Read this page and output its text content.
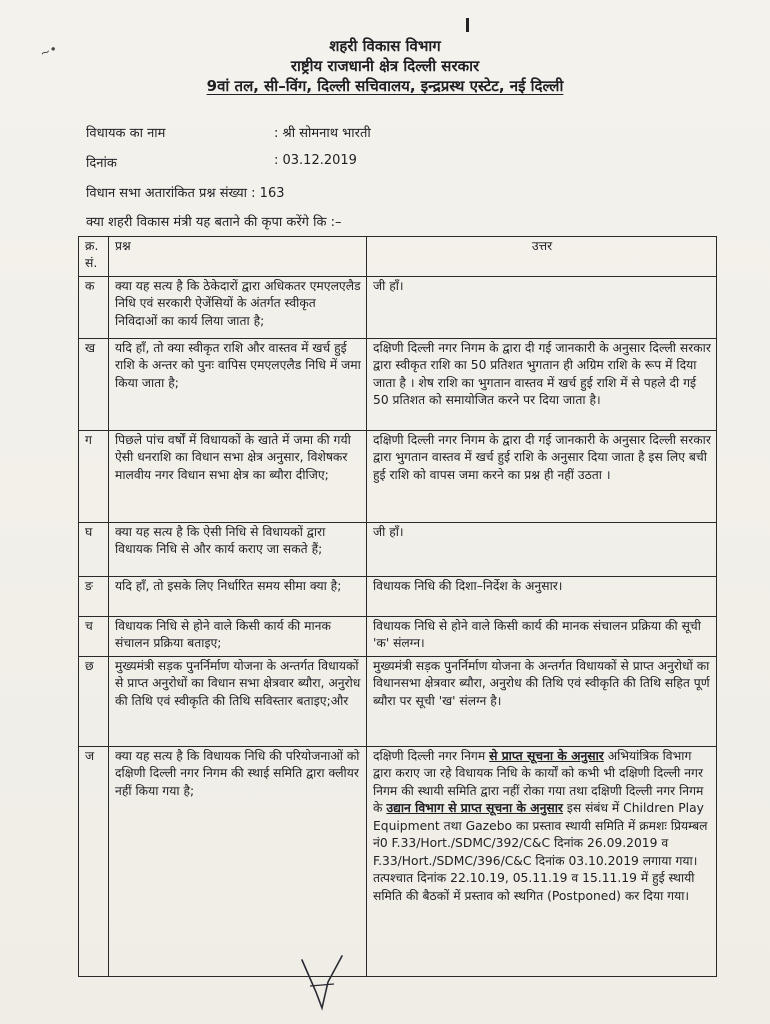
~•	शहरी विकास विभाग
राष्ट्रीय राजधानी क्षेत्र दिल्ली सरकार
9वां तल, सी–विंग, दिल्ली सचिवालय, इन्द्रप्रस्थ एस्टेट, नई दिल्ली
विधायक का नाम	: श्री सोमनाथ भारती
दिनांक	: 03.12.2019
विधान सभा अतारांकित प्रश्न संख्या : 163
क्या शहरी विकास मंत्री यह बताने की कृपा करेंगे कि :–
क्र. सं.	प्रश्न	उत्तर
क	क्या यह सत्य है कि ठेकेदारों द्वारा अधिकतर एमएलएलैड निधि एवं सरकारी ऐजेंसियों के अंतर्गत स्वीकृत निविदाओं का कार्य लिया जाता है;	जी हाँ।
ख	यदि हाँ, तो क्या स्वीकृत राशि और वास्तव में खर्च हुई राशि के अन्तर को पुनः वापिस एमएलएलैड निधि में जमा किया जाता है;	दक्षिणी दिल्ली नगर निगम के द्वारा दी गई जानकारी के अनुसार दिल्ली सरकार द्वारा स्वीकृत राशि का 50 प्रतिशत भुगतान ही अग्रिम राशि के रूप में दिया जाता है । शेष राशि का भुगतान वास्तव में खर्च हुई राशि में से पहले दी गई 50 प्रतिशत को समायोजित करने पर दिया जाता है।
ग	पिछले पांच वर्षों में विधायकों के खाते में जमा की गयी ऐसी धनराशि का विधान सभा क्षेत्र अनुसार, विशेषकर मालवीय नगर विधान सभा क्षेत्र का ब्यौरा दीजिए;	दक्षिणी दिल्ली नगर निगम के द्वारा दी गई जानकारी के अनुसार दिल्ली सरकार द्वारा भुगतान वास्तव में खर्च हुई राशि के अनुसार दिया जाता है इस लिए बची हुई राशि को वापस जमा करने का प्रश्न ही नहीं उठता ।
घ	क्या यह सत्य है कि ऐसी निधि से विधायकों द्वारा विधायक निधि से और कार्य कराए जा सकते हैं;	जी हाँ।
ङ	यदि हाँ, तो इसके लिए निर्धारित समय सीमा क्या है;	विधायक निधि की दिशा–निर्देश के अनुसार।
च	विधायक निधि से होने वाले किसी कार्य की मानक संचालन प्रक्रिया बताइए;	विधायक निधि से होने वाले किसी कार्य की मानक संचालन प्रक्रिया की सूची 'क' संलग्न।
छ	मुख्यमंत्री सड़क पुनर्निर्माण योजना के अन्तर्गत विधायकों से प्राप्त अनुरोधों का विधान सभा क्षेत्रवार ब्यौरा, अनुरोध की तिथि एवं स्वीकृति की तिथि सविस्तार बताइए;और	मुख्यमंत्री सड़क पुनर्निर्माण योजना के अन्तर्गत विधायकों से प्राप्त अनुरोधों का विधानसभा क्षेत्रवार ब्यौरा, अनुरोध की तिथि एवं स्वीकृति की तिथि सहित पूर्ण ब्यौरा पर सूची 'ख' संलग्न है।
ज	क्या यह सत्य है कि विधायक निधि की परियोजनाओं को दक्षिणी दिल्ली नगर निगम की स्थाई समिति द्वारा क्लीयर नहीं किया गया है;	दक्षिणी दिल्ली नगर निगम से प्राप्त सूचना के अनुसार अभियांत्रिक विभाग द्वारा कराए जा रहे विधायक निधि के कार्यों को कभी भी दक्षिणी दिल्ली नगर निगम की स्थायी समिति द्वारा नहीं रोका गया तथा दक्षिणी दिल्ली नगर निगम के उद्यान विभाग से प्राप्त सूचना के अनुसार इस संबंध में Children Play Equipment तथा Gazebo का प्रस्ताव स्थायी समिति में क्रमशः प्रियम्बल नं0 F.33/Hort./SDMC/392/C&C दिनांक 26.09.2019 व F.33/Hort./SDMC/396/C&C दिनांक 03.10.2019 लगाया गया। तत्पश्चात दिनांक 22.10.19, 05.11.19 व 15.11.19 में हुई स्थायी समिति की बैठकों में प्रस्ताव को स्थगित (Postponed) कर दिया गया।
